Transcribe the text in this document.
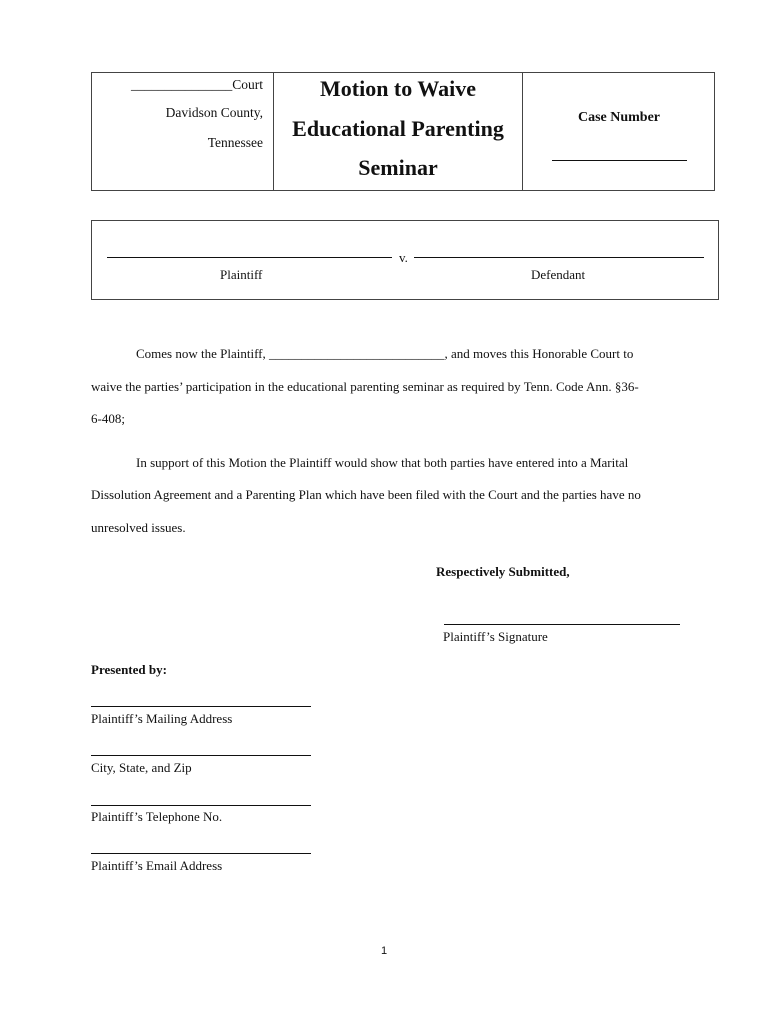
_______________Court
Davidson County,
Tennessee
Motion to Waive
Educational Parenting
Seminar
Case Number
v.
Plaintiff	Defendant
Comes now the Plaintiff, ___________________________, and moves this Honorable Court to
waive the parties’ participation in the educational parenting seminar as required by Tenn. Code Ann. §36-
6-408;
In support of this Motion the Plaintiff would show that both parties have entered into a Marital
Dissolution Agreement and a Parenting Plan which have been filed with the Court and the parties have no
unresolved issues.
Respectively Submitted,
Plaintiff’s Signature
Presented by:
Plaintiff’s Mailing Address
City, State, and Zip
Plaintiff’s Telephone No.
Plaintiff’s Email Address
1
